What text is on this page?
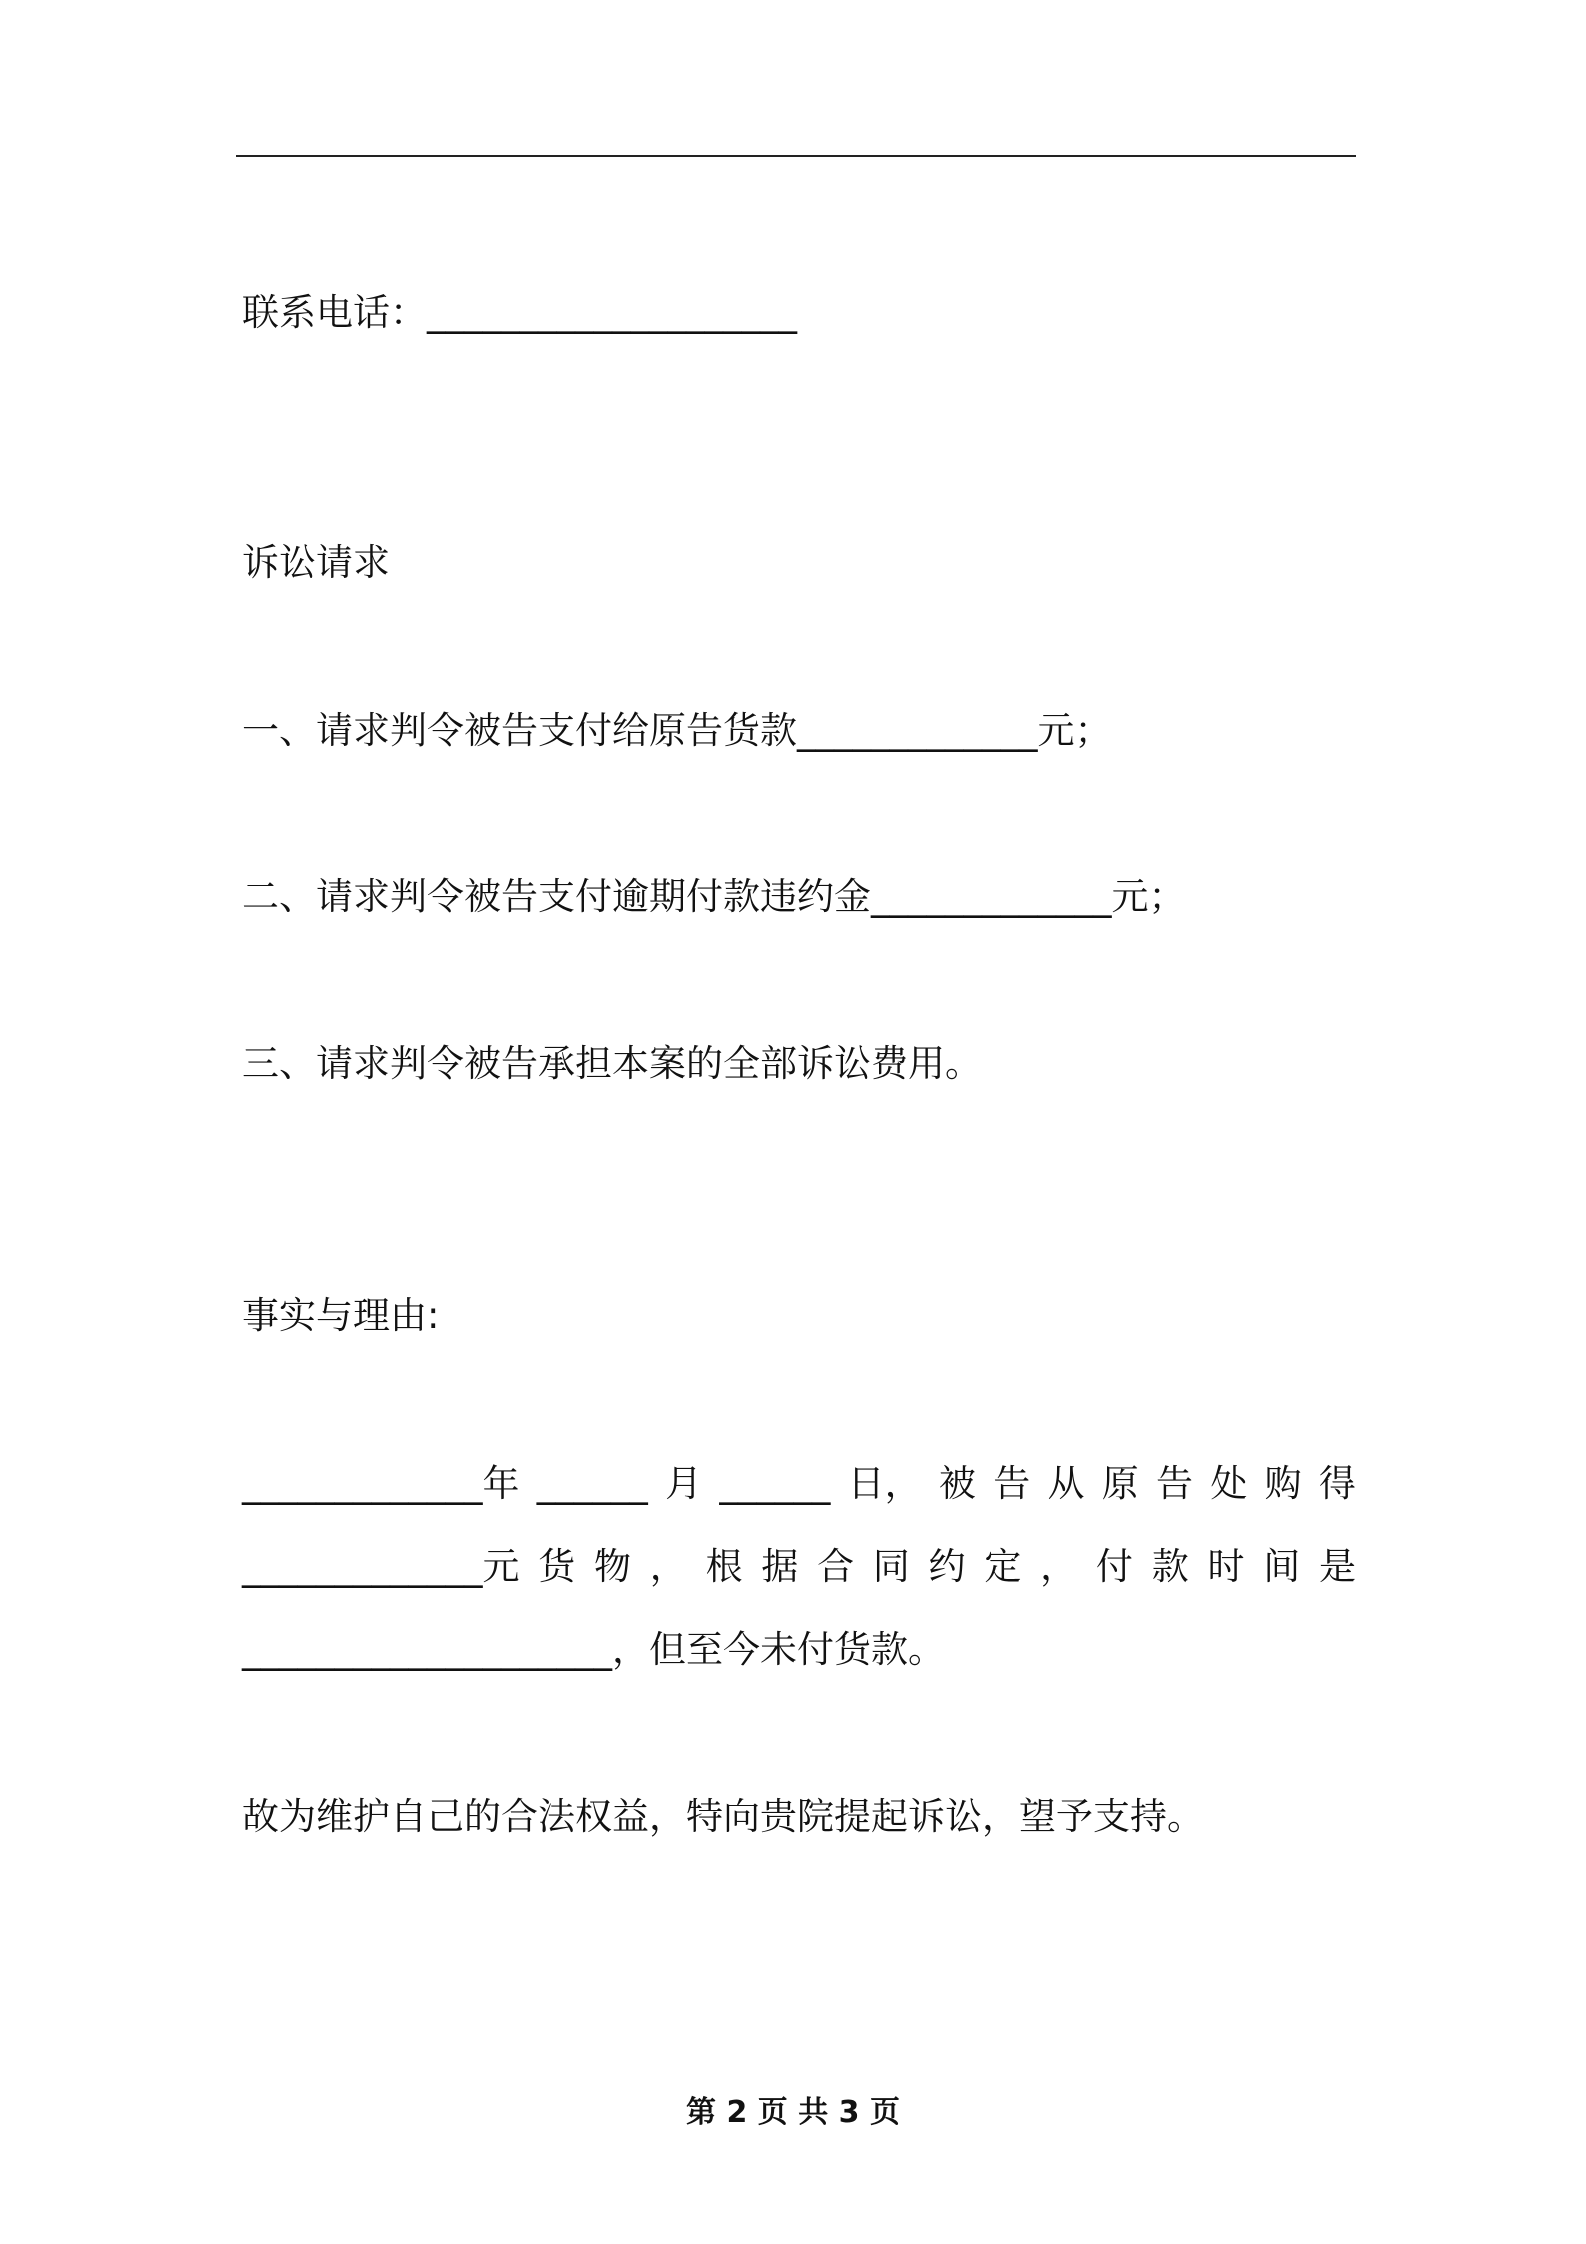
联系电话：____________________
诉讼请求
一、请求判令被告支付给原告货款_____________元；
二、请求判令被告支付逾期付款违约金_____________元；
三、请求判令被告承担本案的全部诉讼费用。
事实与理由:
_____________年 ______ 月 ______ 日， 被 告 从 原 告 处 购 得
_____________元 货 物 ， 根 据 合 同 约 定 ， 付 款 时 间 是
____________________，但至今未付货款。
故为维护自己的合法权益，特向贵院提起诉讼，望予支持。
第 2 页 共 3 页
